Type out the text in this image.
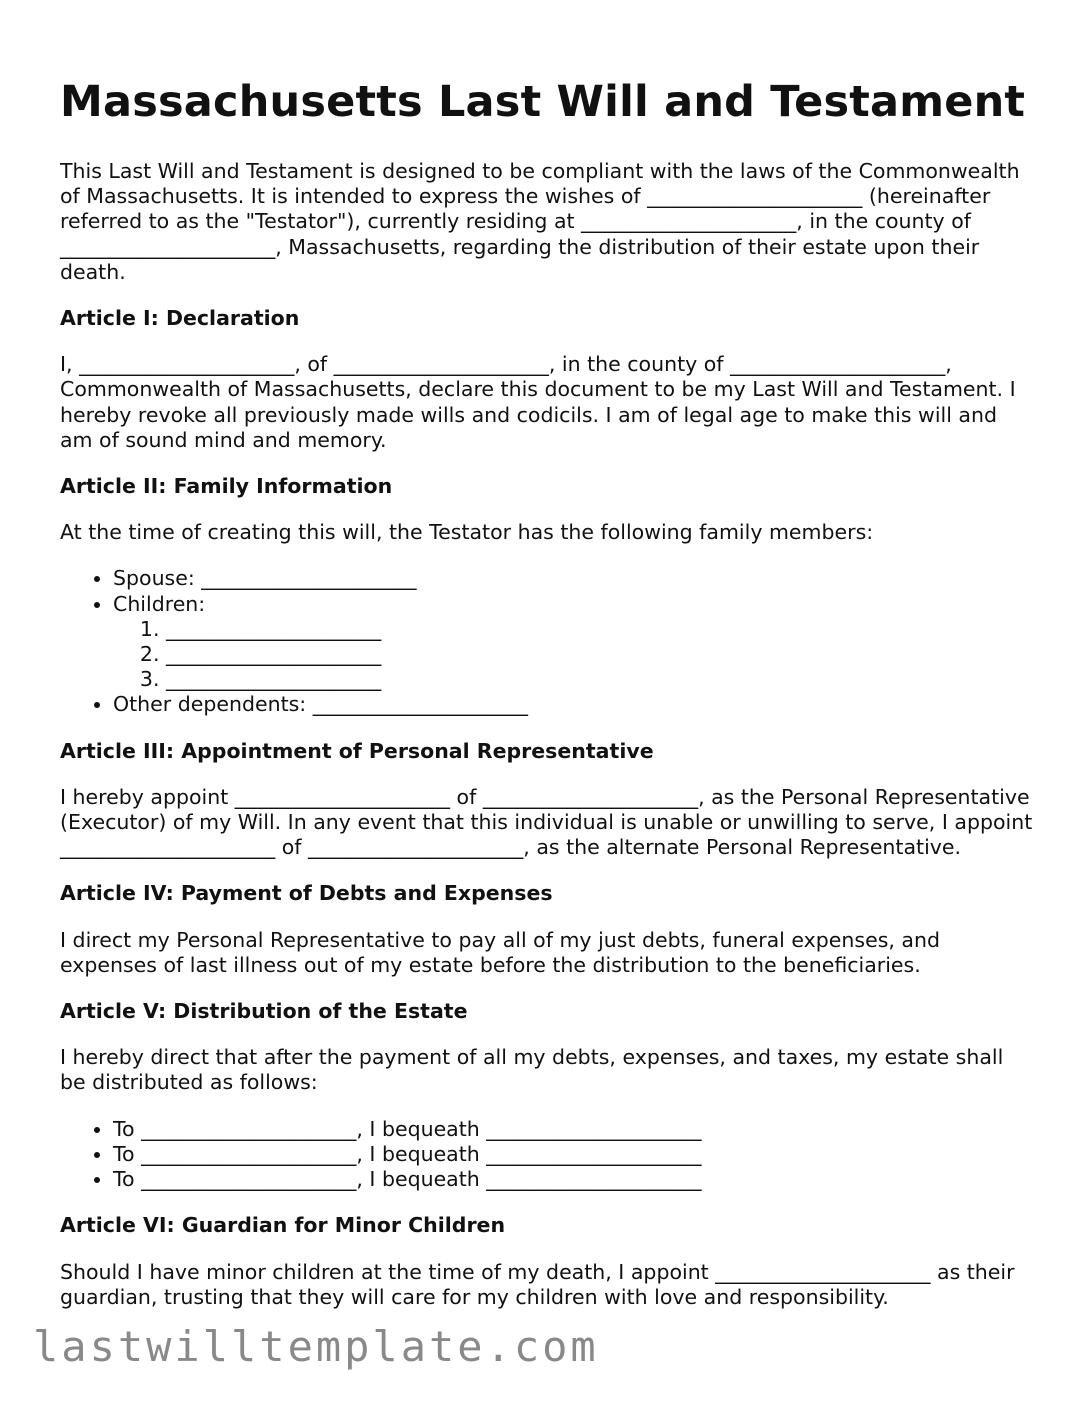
Massachusetts Last Will and Testament

This Last Will and Testament is designed to be compliant with the laws of the Commonwealth of Massachusetts. It is intended to express the wishes of _____________________ (hereinafter referred to as the "Testator"), currently residing at _____________________, in the county of _____________________, Massachusetts, regarding the distribution of their estate upon their death.

Article I: Declaration

I, _____________________, of _____________________, in the county of _____________________, Commonwealth of Massachusetts, declare this document to be my Last Will and Testament. I hereby revoke all previously made wills and codicils. I am of legal age to make this will and am of sound mind and memory.

Article II: Family Information

At the time of creating this will, the Testator has the following family members:

• Spouse: _____________________
• Children:
1. _____________________
2. _____________________
3. _____________________
• Other dependents: _____________________
Article III: Appointment of Personal Representative

I hereby appoint _____________________ of _____________________, as the Personal Representative (Executor) of my Will. In any event that this individual is unable or unwilling to serve, I appoint _____________________ of _____________________, as the alternate Personal Representative.

Article IV: Payment of Debts and Expenses

I direct my Personal Representative to pay all of my just debts, funeral expenses, and expenses of last illness out of my estate before the distribution to the beneficiaries.

Article V: Distribution of the Estate

I hereby direct that after the payment of all my debts, expenses, and taxes, my estate shall be distributed as follows:

• To _____________________, I bequeath _____________________
• To _____________________, I bequeath _____________________
• To _____________________, I bequeath _____________________
Article VI: Guardian for Minor Children

Should I have minor children at the time of my death, I appoint _____________________ as their guardian, trusting that they will care for my children with love and responsibility.

lastwilltemplate.com
